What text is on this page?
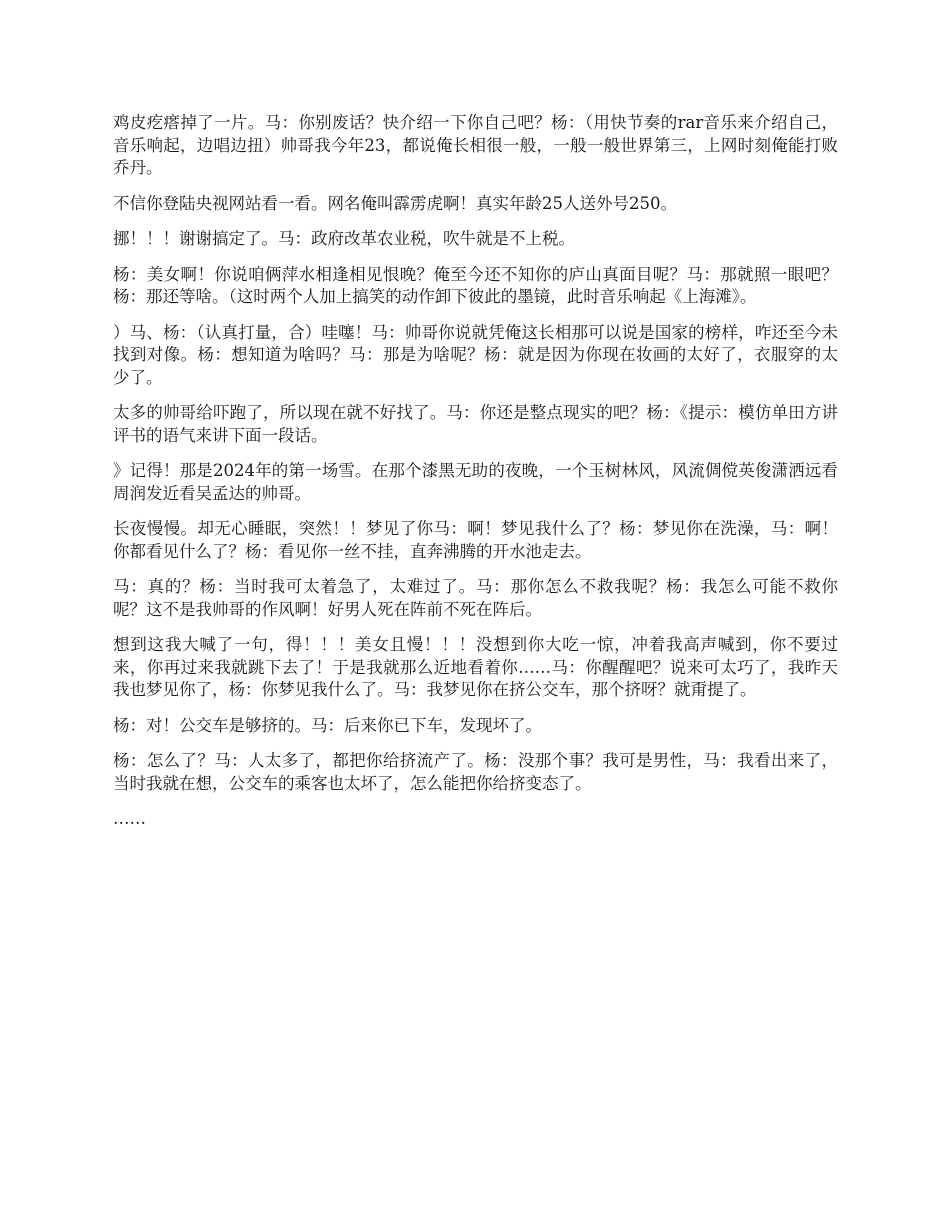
鸡皮疙瘩掉了一片。马：你别废话？快介绍一下你自己吧？杨：（用快节奏的rar音乐来介绍自己，音乐响起，边唱边扭）帅哥我今年23，都说俺长相很一般，一般一般世界第三，上网时刻俺能打败乔丹。

不信你登陆央视网站看一看。网名俺叫霹雳虎啊！真实年龄25人送外号250。

挪！！！谢谢搞定了。马：政府改革农业税，吹牛就是不上税。

杨：美女啊！你说咱俩萍水相逢相见恨晚？俺至今还不知你的庐山真面目呢？马：那就照一眼吧？杨：那还等啥。（这时两个人加上搞笑的动作卸下彼此的墨镜，此时音乐响起《上海滩》。

）马、杨：（认真打量，合）哇噻！马：帅哥你说就凭俺这长相那可以说是国家的榜样，咋还至今未找到对像。杨：想知道为啥吗？马：那是为啥呢？杨：就是因为你现在妆画的太好了，衣服穿的太少了。

太多的帅哥给吓跑了，所以现在就不好找了。马：你还是整点现实的吧？杨：《提示：模仿单田方讲评书的语气来讲下面一段话。

》记得！那是2024年的第一场雪。在那个漆黑无助的夜晚，一个玉树林风，风流倜傥英俊潇洒远看周润发近看吴孟达的帅哥。

长夜慢慢。却无心睡眠，突然！！梦见了你马：啊！梦见我什么了？杨：梦见你在洗澡，马：啊！你都看见什么了？杨：看见你一丝不挂，直奔沸腾的开水池走去。

马：真的？杨：当时我可太着急了，太难过了。马：那你怎么不救我呢？杨：我怎么可能不救你呢？这不是我帅哥的作风啊！好男人死在阵前不死在阵后。

想到这我大喊了一句，得！！！美女且慢！！！没想到你大吃一惊，冲着我高声喊到，你不要过来，你再过来我就跳下去了！于是我就那么近地看着你……马：你醒醒吧？说来可太巧了，我昨天我也梦见你了，杨：你梦见我什么了。马：我梦见你在挤公交车，那个挤呀？就甭提了。

杨：对！公交车是够挤的。马：后来你已下车，发现坏了。

杨：怎么了？马：人太多了，都把你给挤流产了。杨：没那个事？我可是男性，马：我看出来了，当时我就在想，公交车的乘客也太坏了，怎么能把你给挤变态了。

……
